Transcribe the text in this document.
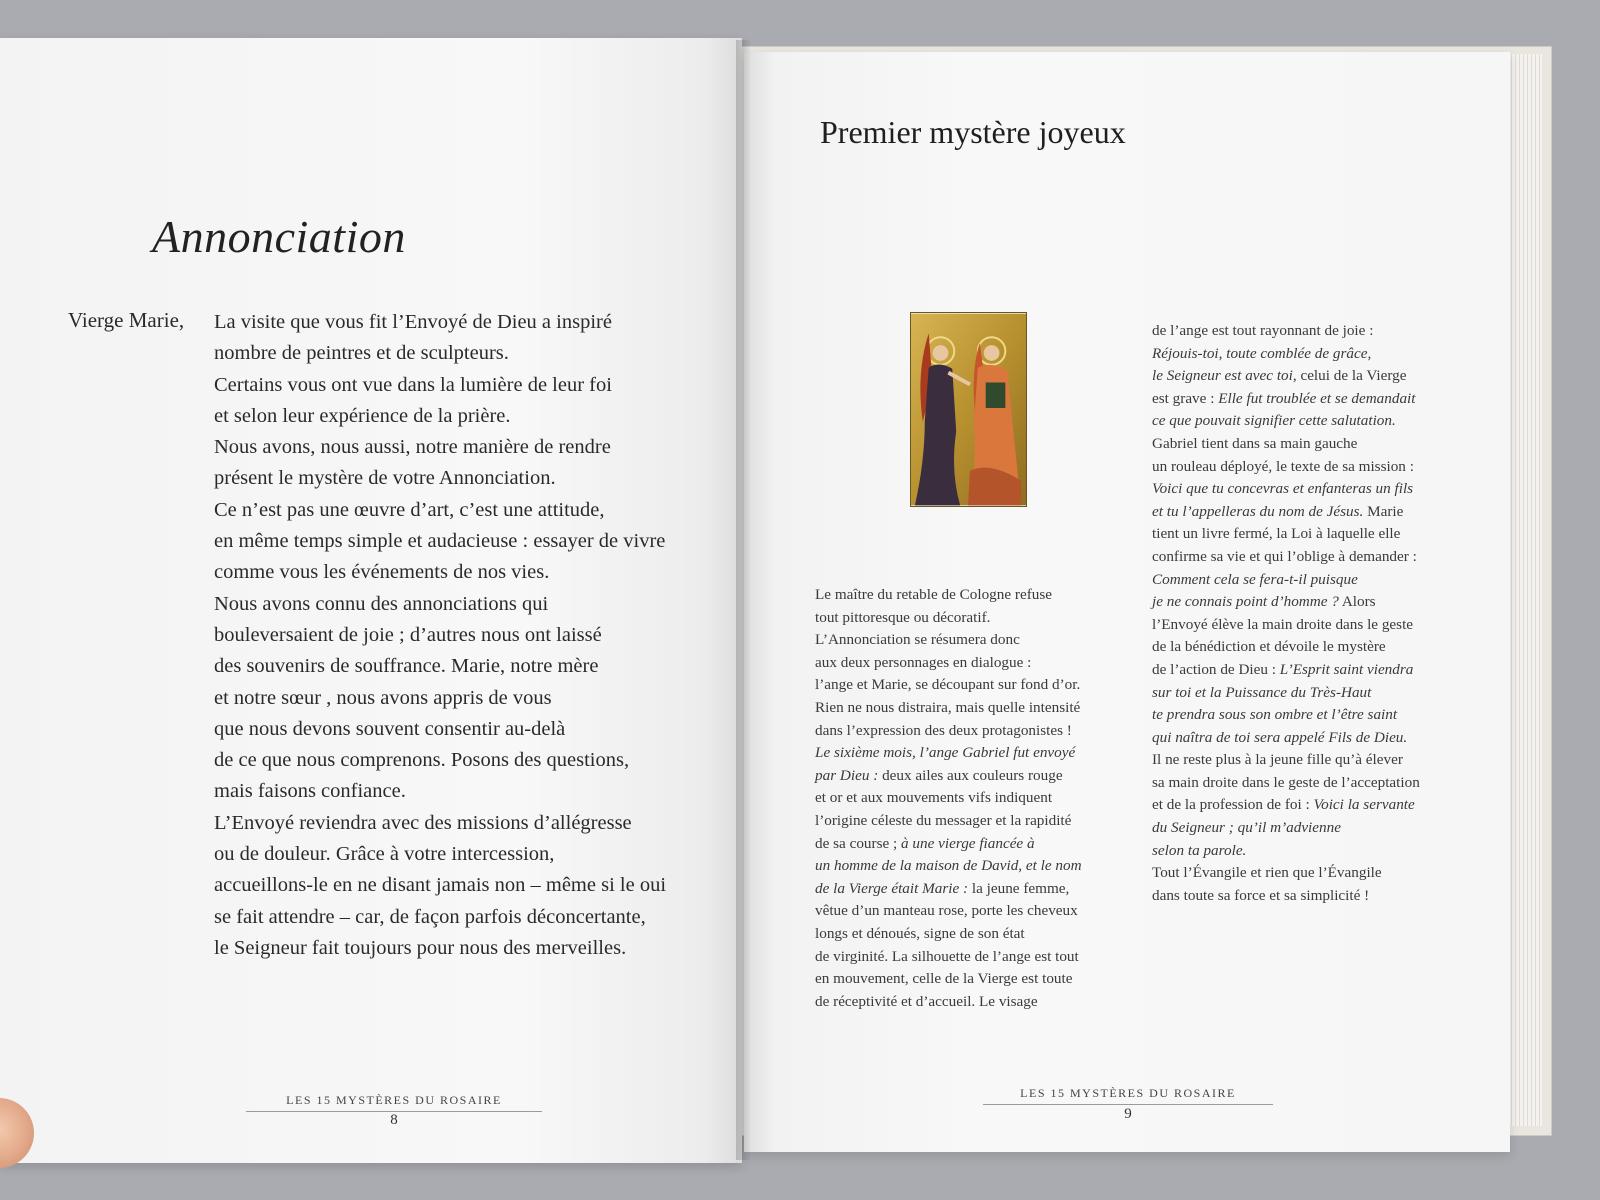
Annonciation
Vierge Marie, La visite que vous fit l’Envoyé de Dieu a inspiré
nombre de peintres et de sculpteurs.
Certains vous ont vue dans la lumière de leur foi
et selon leur expérience de la prière.
Nous avons, nous aussi, notre manière de rendre
présent le mystère de votre Annonciation.
Ce n’est pas une œuvre d’art, c’est une attitude,
en même temps simple et audacieuse : essayer de vivre
comme vous les événements de nos vies.
Nous avons connu des annonciations qui
bouleversaient de joie ; d’autres nous ont laissé
des souvenirs de souffrance. Marie, notre mère
et notre sœur , nous avons appris de vous
que nous devons souvent consentir au-delà
de ce que nous comprenons. Posons des questions,
mais faisons confiance.
L’Envoyé reviendra avec des missions d’allégresse
ou de douleur. Grâce à votre intercession,
accueillons-le en ne disant jamais non – même si le oui
se fait attendre – car, de façon parfois déconcertante,
le Seigneur fait toujours pour nous des merveilles.
LES 15 MYSTÈRES DU ROSAIRE
8
Premier mystère joyeux
Le maître du retable de Cologne refuse
tout pittoresque ou décoratif.
L’Annonciation se résumera donc
aux deux personnages en dialogue :
l’ange et Marie, se découpant sur fond d’or.
Rien ne nous distraira, mais quelle intensité
dans l’expression des deux protagonistes !
Le sixième mois, l’ange Gabriel fut envoyé
par Dieu : deux ailes aux couleurs rouge
et or et aux mouvements vifs indiquent
l’origine céleste du messager et la rapidité
de sa course ; à une vierge fiancée à
un homme de la maison de David, et le nom
de la Vierge était Marie : la jeune femme,
vêtue d’un manteau rose, porte les cheveux
longs et dénoués, signe de son état
de virginité. La silhouette de l’ange est tout
en mouvement, celle de la Vierge est toute
de réceptivité et d’accueil. Le visage
de l’ange est tout rayonnant de joie :
Réjouis-toi, toute comblée de grâce,
le Seigneur est avec toi, celui de la Vierge
est grave : Elle fut troublée et se demandait
ce que pouvait signifier cette salutation.
Gabriel tient dans sa main gauche
un rouleau déployé, le texte de sa mission :
Voici que tu concevras et enfanteras un fils
et tu l’appelleras du nom de Jésus. Marie
tient un livre fermé, la Loi à laquelle elle
confirme sa vie et qui l’oblige à demander :
Comment cela se fera-t-il puisque
je ne connais point d’homme ? Alors
l’Envoyé élève la main droite dans le geste
de la bénédiction et dévoile le mystère
de l’action de Dieu : L’Esprit saint viendra
sur toi et la Puissance du Très-Haut
te prendra sous son ombre et l’être saint
qui naîtra de toi sera appelé Fils de Dieu.
Il ne reste plus à la jeune fille qu’à élever
sa main droite dans le geste de l’acceptation
et de la profession de foi : Voici la servante
du Seigneur ; qu’il m’advienne
selon ta parole.
Tout l’Évangile et rien que l’Évangile
dans toute sa force et sa simplicité !
LES 15 MYSTÈRES DU ROSAIRE
9
